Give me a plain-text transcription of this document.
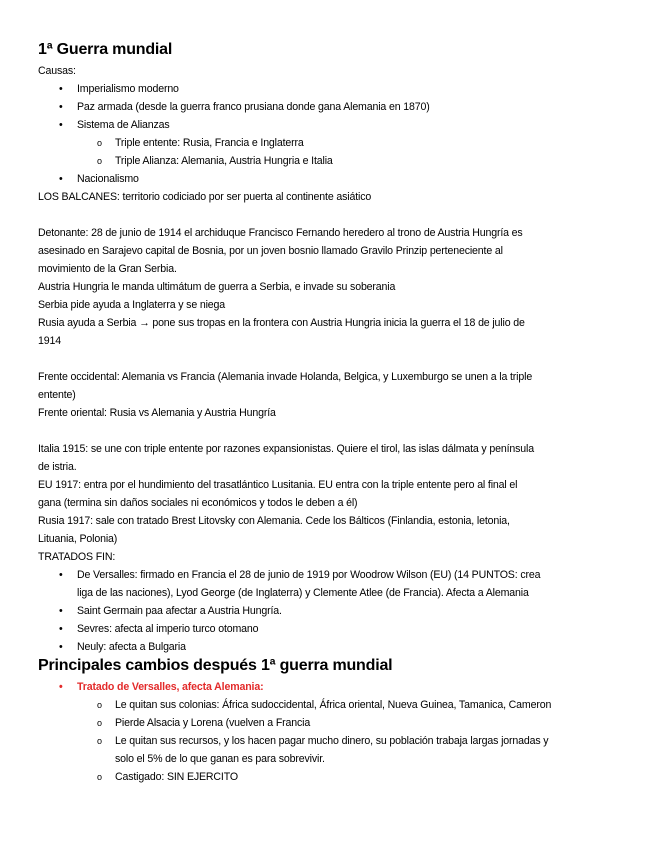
1ª Guerra mundial

Causas:

• Imperialismo moderno
• Paz armada (desde la guerra franco prusiana donde gana Alemania en 1870)
• Sistema de Alianzas
o Triple entente: Rusia, Francia e Inglaterra
o Triple Alianza: Alemania, Austria Hungria e Italia
• Nacionalismo

LOS BALCANES: territorio codiciado por ser puerta al continente asiático

Detonante: 28 de junio de 1914 el archiduque Francisco Fernando heredero al trono de Austria Hungría es

asesinado en Sarajevo capital de Bosnia, por un joven bosnio llamado Gravilo Prinzip perteneciente al

movimiento de la Gran Serbia.

Austria Hungria le manda ultimátum de guerra a Serbia, e invade su soberania

Serbia pide ayuda a Inglaterra y se niega

Rusia ayuda a Serbia → pone sus tropas en la frontera con Austria Hungria inicia la guerra el 18 de julio de

1914

Frente occidental: Alemania vs Francia (Alemania invade Holanda, Belgica, y Luxemburgo se unen a la triple

entente)

Frente oriental: Rusia vs Alemania y Austria Hungría

Italia 1915: se une con triple entente por razones expansionistas. Quiere el tirol, las islas dálmata y península

de istria.

EU 1917: entra por el hundimiento del trasatlántico Lusitania. EU entra con la triple entente pero al final el

gana (termina sin daños sociales ni económicos y todos le deben a él)

Rusia 1917: sale con tratado Brest Litovsky con Alemania. Cede los Bálticos (Finlandia, estonia, letonia,

Lituania, Polonia)

TRATADOS FIN:

• De Versalles: firmado en Francia el 28 de junio de 1919 por Woodrow Wilson (EU) (14 PUNTOS: crea
liga de las naciones), Lyod George (de Inglaterra) y Clemente Atlee (de Francia). Afecta a Alemania
• Saint Germain paa afectar a Austria Hungría.
• Sevres: afecta al imperio turco otomano
• Neuly: afecta a Bulgaria
Principales cambios después 1ª guerra mundial
• Tratado de Versalles, afecta Alemania:
o Le quitan sus colonias: África sudoccidental, África oriental, Nueva Guinea, Tamanica, Cameron
o Pierde Alsacia y Lorena (vuelven a Francia
o Le quitan sus recursos, y los hacen pagar mucho dinero, su población trabaja largas jornadas y
solo el 5% de lo que ganan es para sobrevivir.
o Castigado: SIN EJERCITO
